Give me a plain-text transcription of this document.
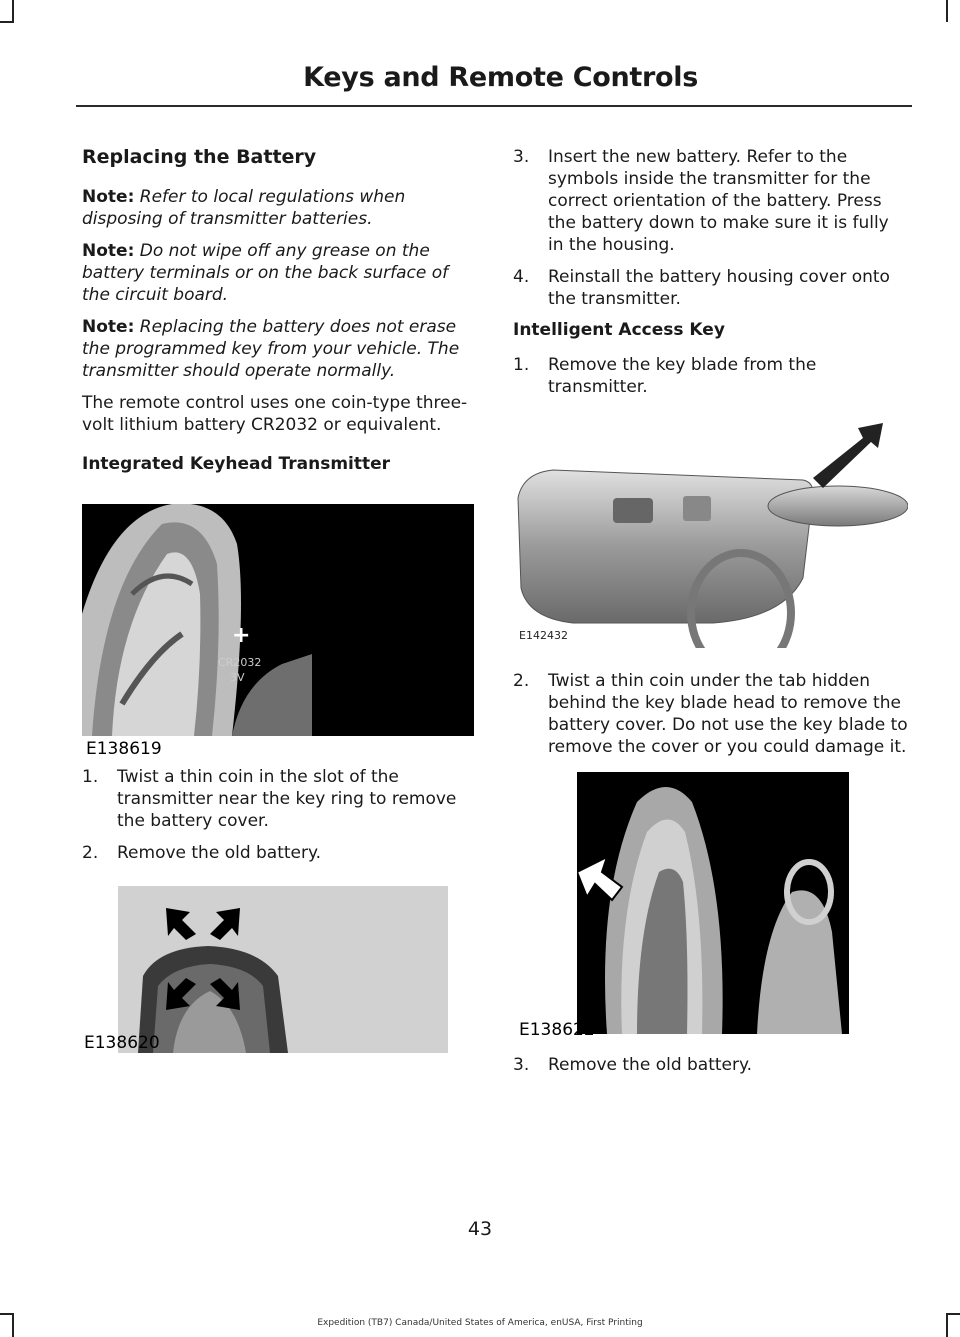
Keys and Remote Controls
Replacing the Battery

Note: Refer to local regulations when disposing of transmitter batteries.

Note: Do not wipe off any grease on the battery terminals or on the back surface of the circuit board.

Note: Replacing the battery does not erase the programmed key from your vehicle. The transmitter should operate normally.

The remote control uses one coin-type three-volt lithium battery CR2032 or equivalent.

Integrated Keyhead Transmitter
+
CR2032
3V
E138619
1. Twist a thin coin in the slot of the transmitter near the key ring to remove the battery cover.
2. Remove the old battery.
E138620
3. Insert the new battery. Refer to the symbols inside the transmitter for the correct orientation of the battery. Press the battery down to make sure it is fully in the housing.
4. Reinstall the battery housing cover onto the transmitter.
Intelligent Access Key
1. Remove the key blade from the transmitter.
E142432
2. Twist a thin coin under the tab hidden behind the key blade head to remove the battery cover. Do not use the key blade to remove the cover or you could damage it.
E138622
3. Remove the old battery.
43
Expedition (TB7) Canada/United States of America, enUSA, First Printing
